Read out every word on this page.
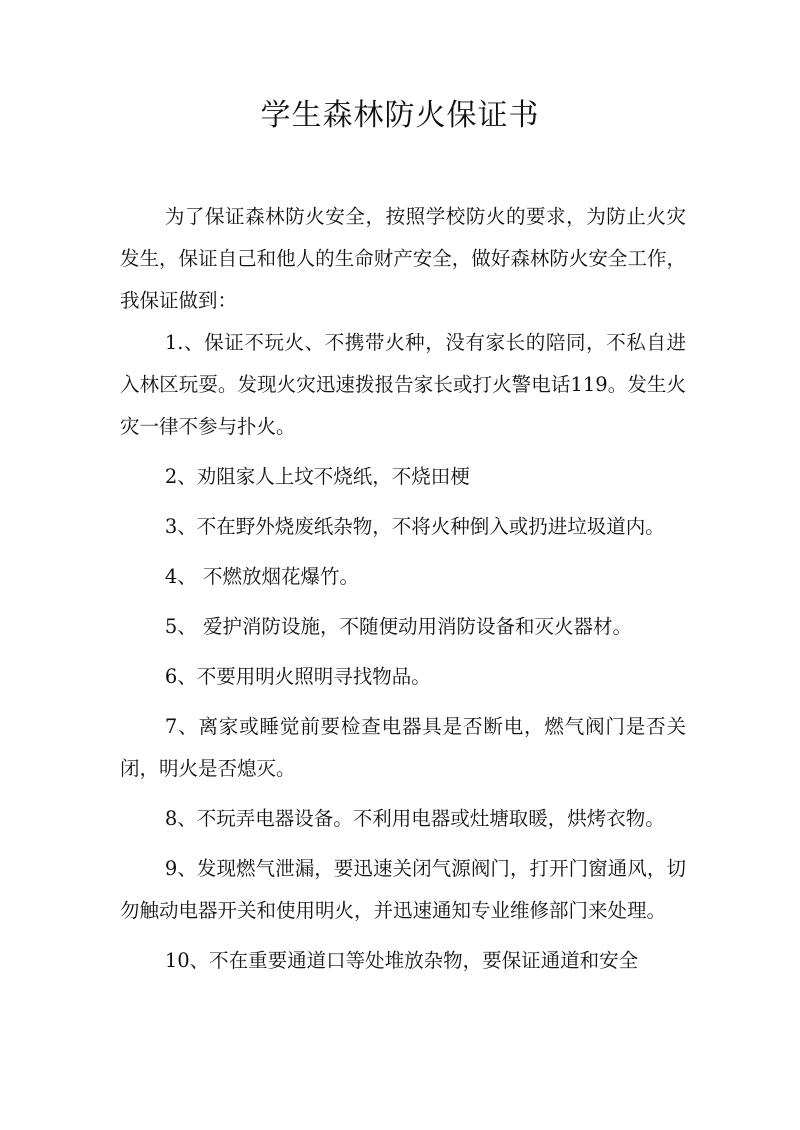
学生森林防火保证书

为了保证森林防火安全，按照学校防火的要求，为防止火灾发生，保证自己和他人的生命财产安全，做好森林防火安全工作，我保证做到：

1.、保证不玩火、不携带火种，没有家长的陪同，不私自进入林区玩耍。发现火灾迅速拨报告家长或打火警电话119。发生火灾一律不参与扑火。

2、劝阻家人上坟不烧纸，不烧田梗

3、不在野外烧废纸杂物，不将火种倒入或扔进垃圾道内。

4、 不燃放烟花爆竹。

5、 爱护消防设施，不随便动用消防设备和灭火器材。

6、不要用明火照明寻找物品。

7、离家或睡觉前要检查电器具是否断电，燃气阀门是否关闭，明火是否熄灭。

8、不玩弄电器设备。不利用电器或灶塘取暖，烘烤衣物。

9、发现燃气泄漏，要迅速关闭气源阀门，打开门窗通风，切勿触动电器开关和使用明火，并迅速通知专业维修部门来处理。

10、不在重要通道口等处堆放杂物，要保证通道和安全
